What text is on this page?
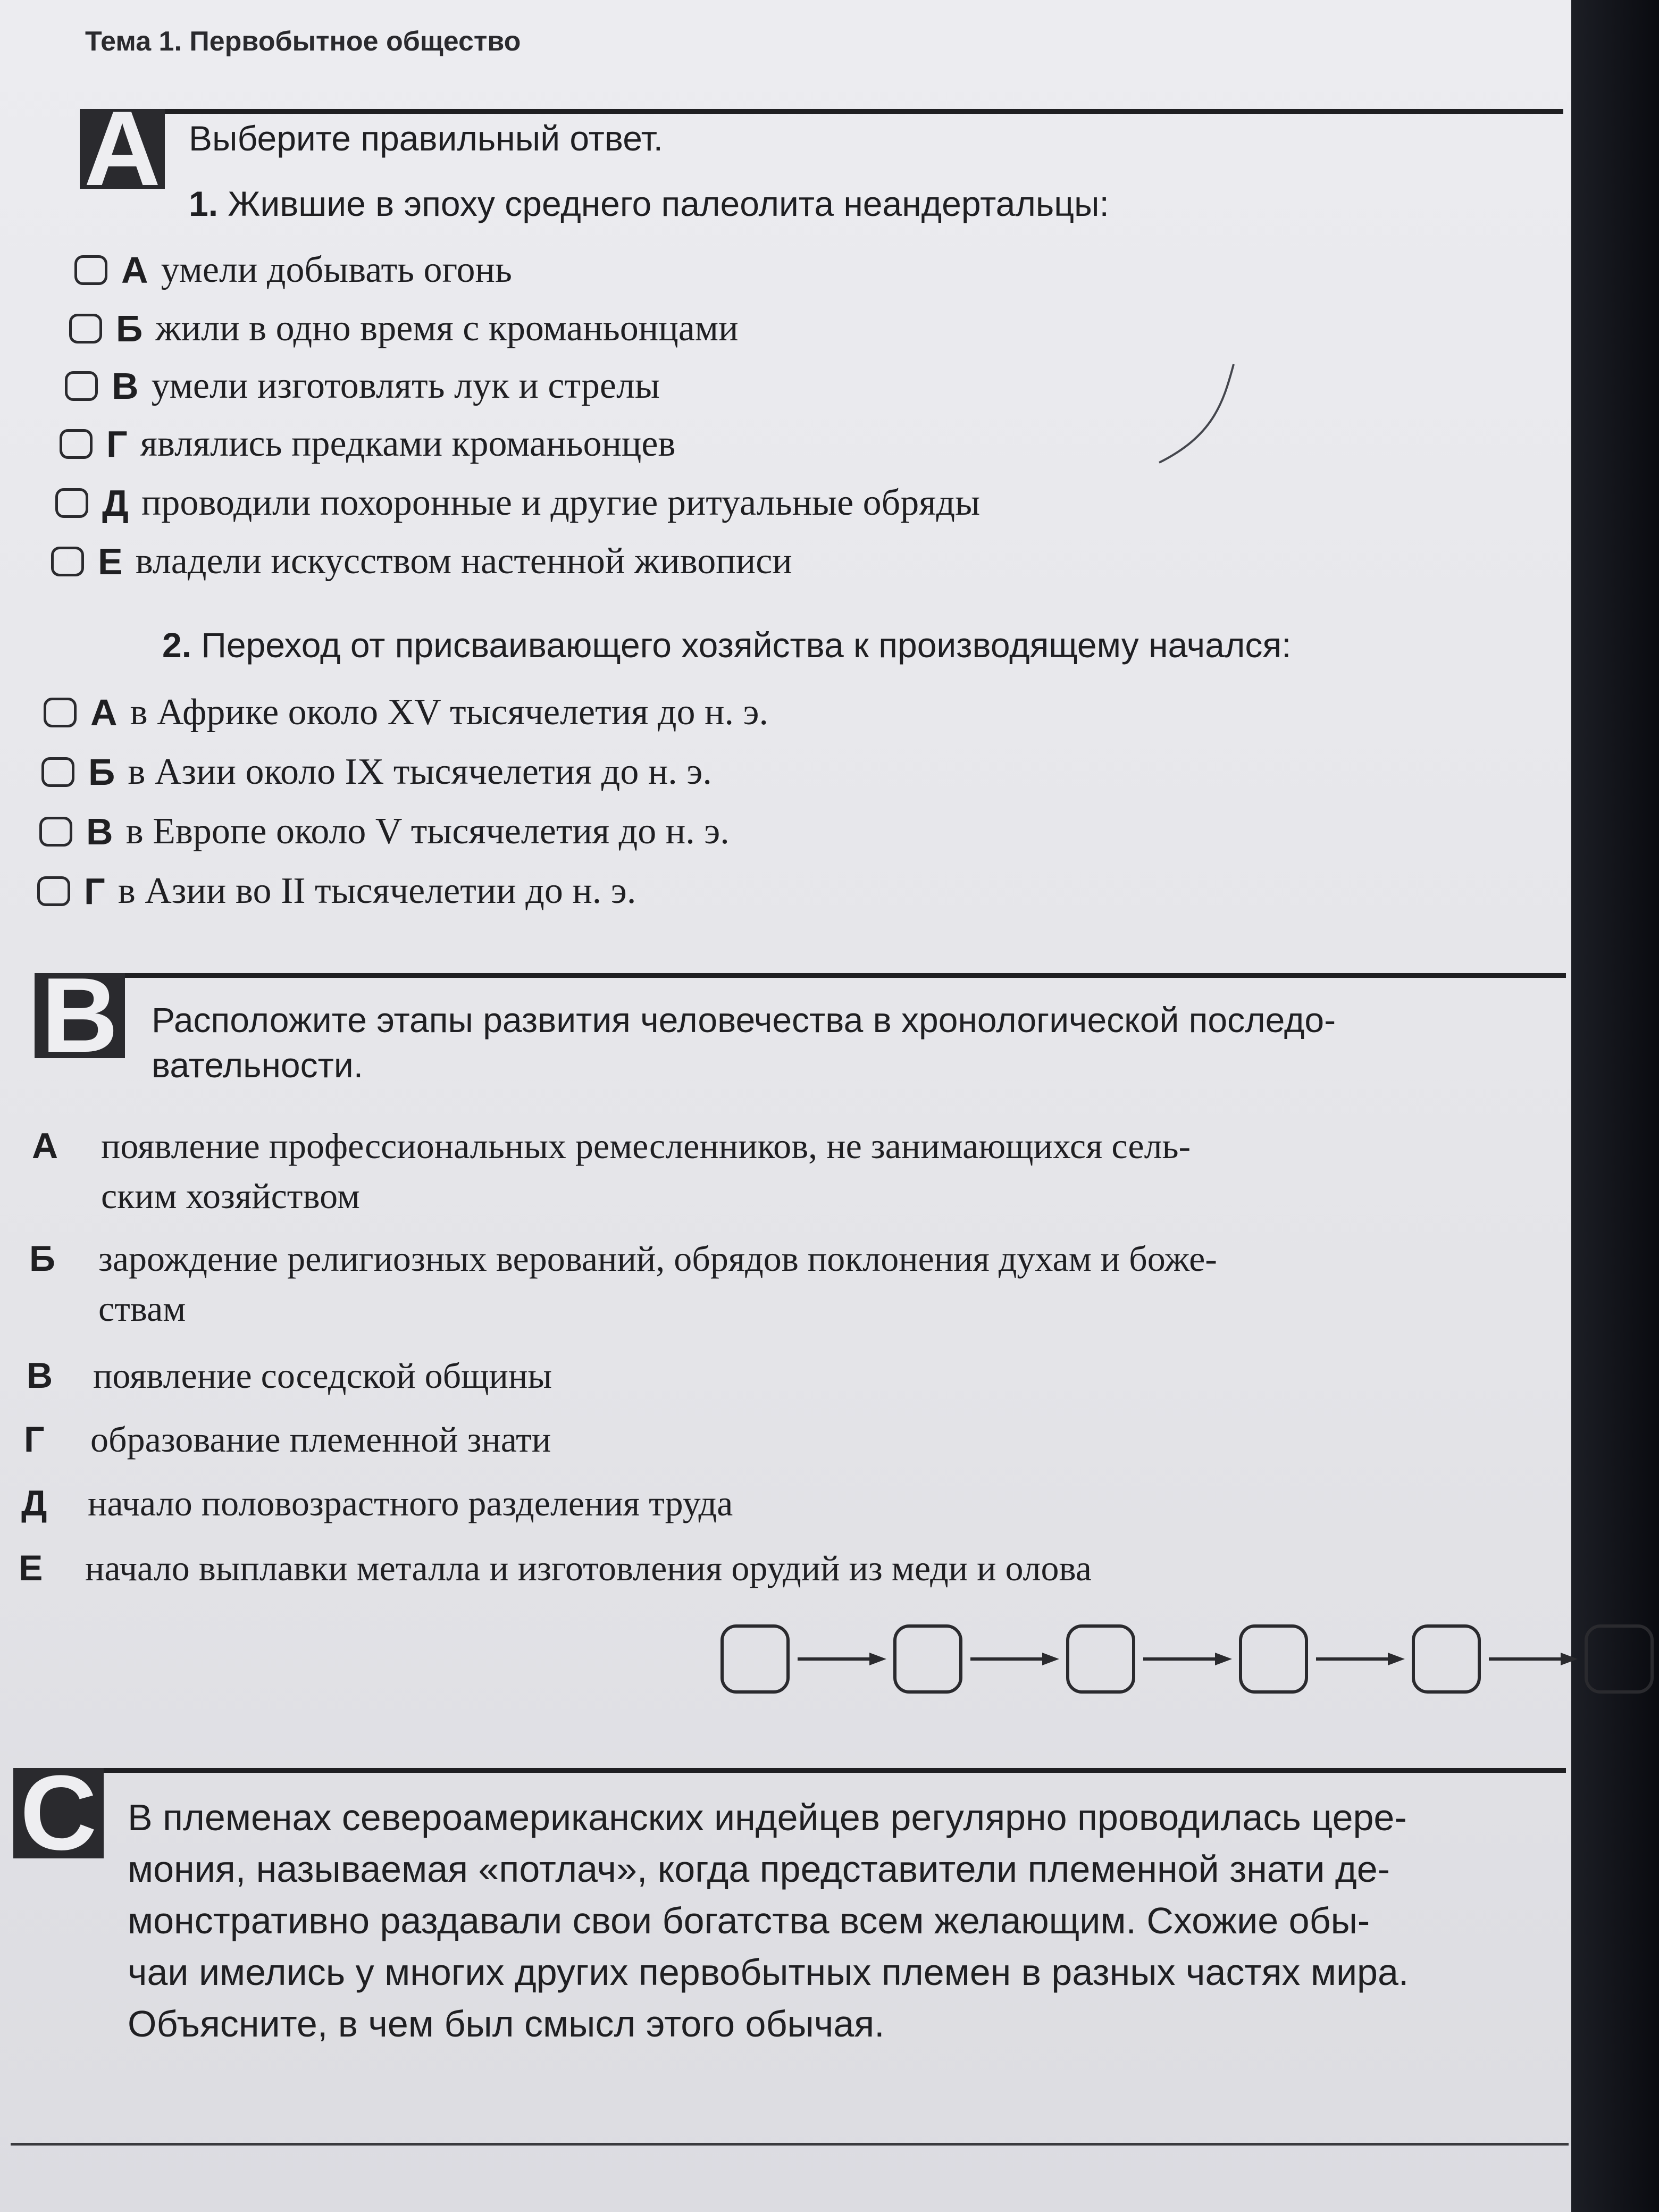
Тема 1. Первобытное общество
A Выберите правильный ответ.
1. Жившие в эпоху среднего палеолита неандертальцы:
А умели добывать огонь
Б жили в одно время с кроманьонцами
В умели изготовлять лук и стрелы
Г являлись предками кроманьонцев
Д проводили похоронные и другие ритуальные обряды
Е владели искусством настенной живописи
2. Переход от присваивающего хозяйства к производящему начался:
А в Африке около XV тысячелетия до н. э.
Б в Азии около IX тысячелетия до н. э.
В в Европе около V тысячелетия до н. э.
Г в Азии во II тысячелетии до н. э.
B Расположите этапы развития человечества в хронологической последо-
вательности.
А появление профессиональных ремесленников, не занимающихся сель-
ским хозяйством
Б зарождение религиозных верований, обрядов поклонения духам и боже-
ствам
В появление соседской общины
Г образование племенной знати
Д начало половозрастного разделения труда
Е начало выплавки металла и изготовления орудий из меди и олова
C В племенах североамериканских индейцев регулярно проводилась цере-
мония, называемая «потлач», когда представители племенной знати де-
монстративно раздавали свои богатства всем желающим. Схожие обы-
чаи имелись у многих других первобытных племен в разных частях мира.
Объясните, в чем был смысл этого обычая.
